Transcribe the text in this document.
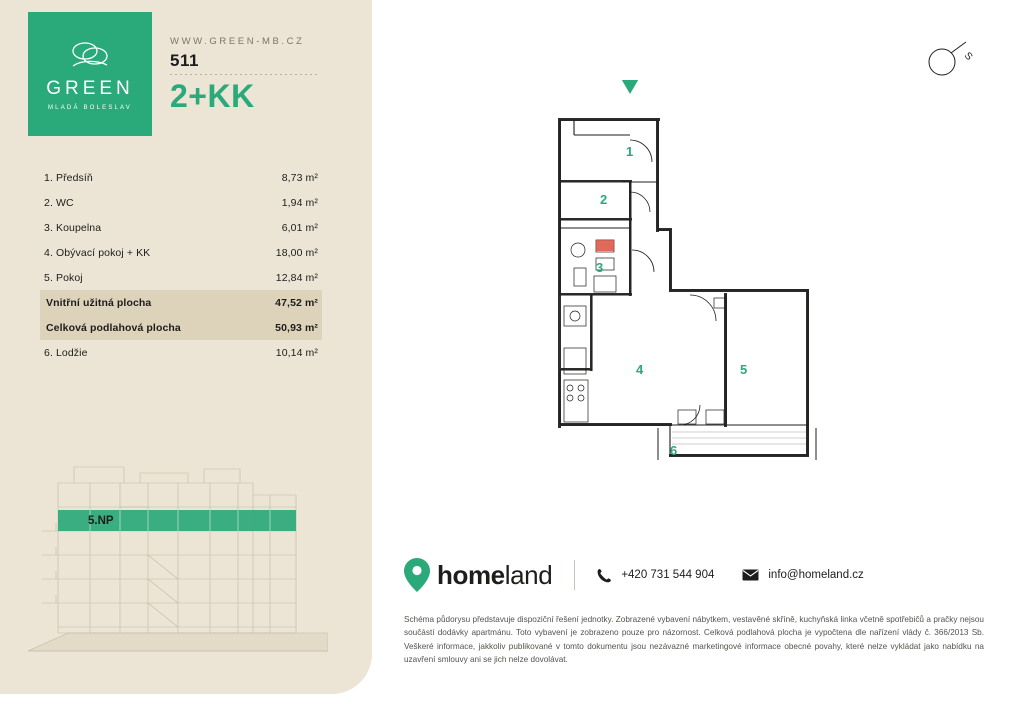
GREEN
MLADÁ BOLESLAV
WWW.GREEN-MB.CZ
511
2+KK
1. Předsíň	8,73 m²
2. WC	1,94 m²
3. Koupelna	6,01 m²
4. Obývací pokoj + KK	18,00 m²
5. Pokoj	12,84 m²
Vnitřní užitná plocha	47,52 m²
Celková podlahová plocha	50,93 m²
6. Lodžie	10,14 m²
5.NP
S
1
2
3
4	5
6
homeland	+420 731 544 904	info@homeland.cz
Schéma půdorysu představuje dispoziční řešení jednotky. Zobrazené vybavení nábytkem, vestavěné skříně, kuchyňská linka včetně spotřebičů a pračky nejsou součástí dodávky apartmánu. Toto vybavení je zobrazeno pouze pro názornost. Celková podlahová plocha je vypočtena dle nařízení vlády č. 366/2013 Sb. Veškeré informace, jakkoliv publikované v tomto dokumentu jsou nezávazné marketingové informace obecné povahy, které nelze vykládat jako nabídku na uzavření smlouvy ani se jich nelze dovolávat.
